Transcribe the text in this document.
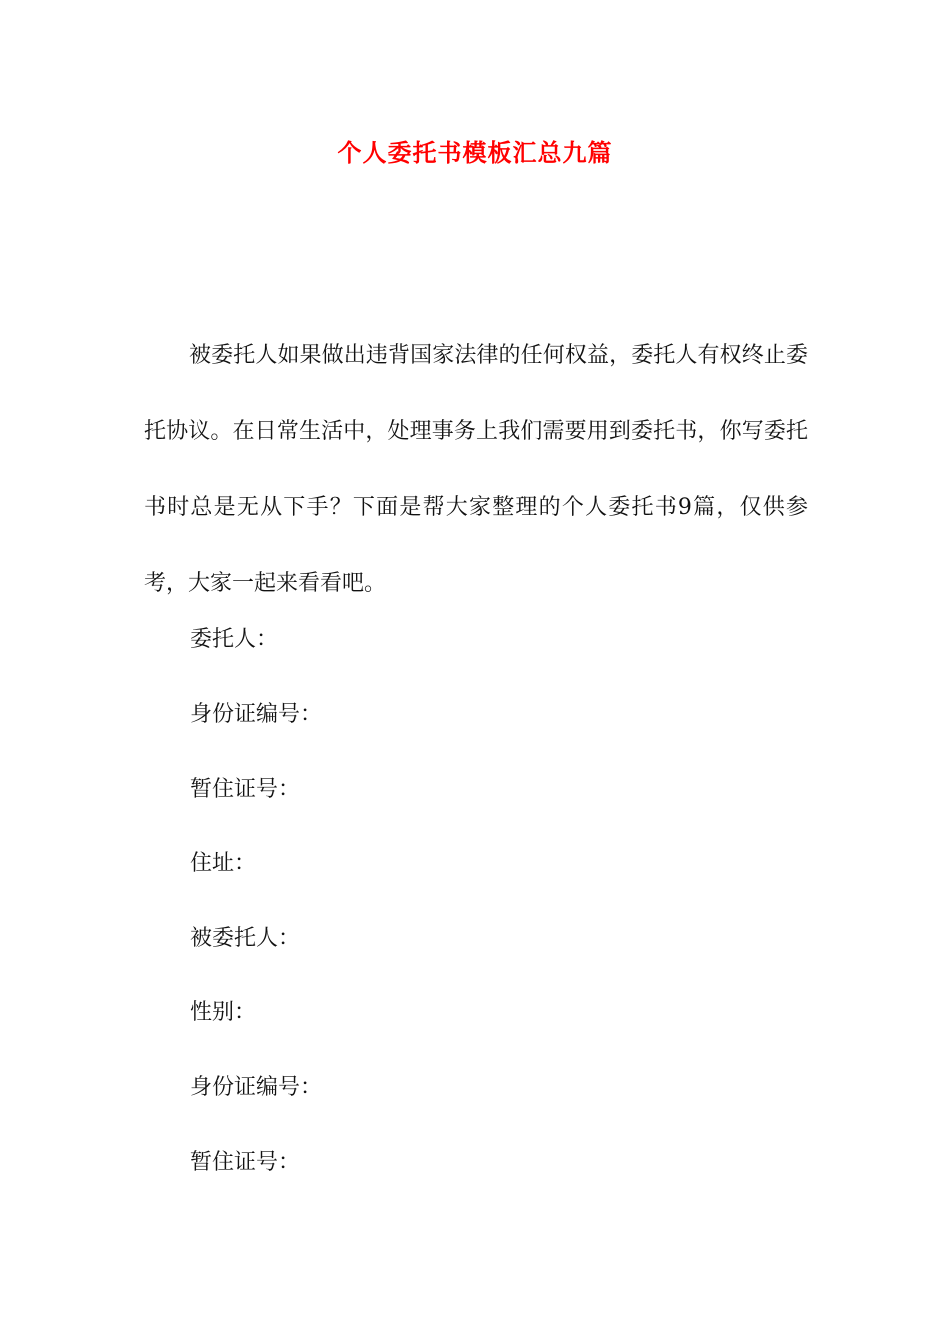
个人委托书模板汇总九篇

被委托人如果做出违背国家法律的任何权益，委托人有权终止委托协议。在日常生活中，处理事务上我们需要用到委托书，你写委托书时总是无从下手？下面是帮大家整理的个人委托书9篇，仅供参考，大家一起来看看吧。

委托人：

身份证编号：

暂住证号：

住址：

被委托人：

性别：

身份证编号：

暂住证号：
